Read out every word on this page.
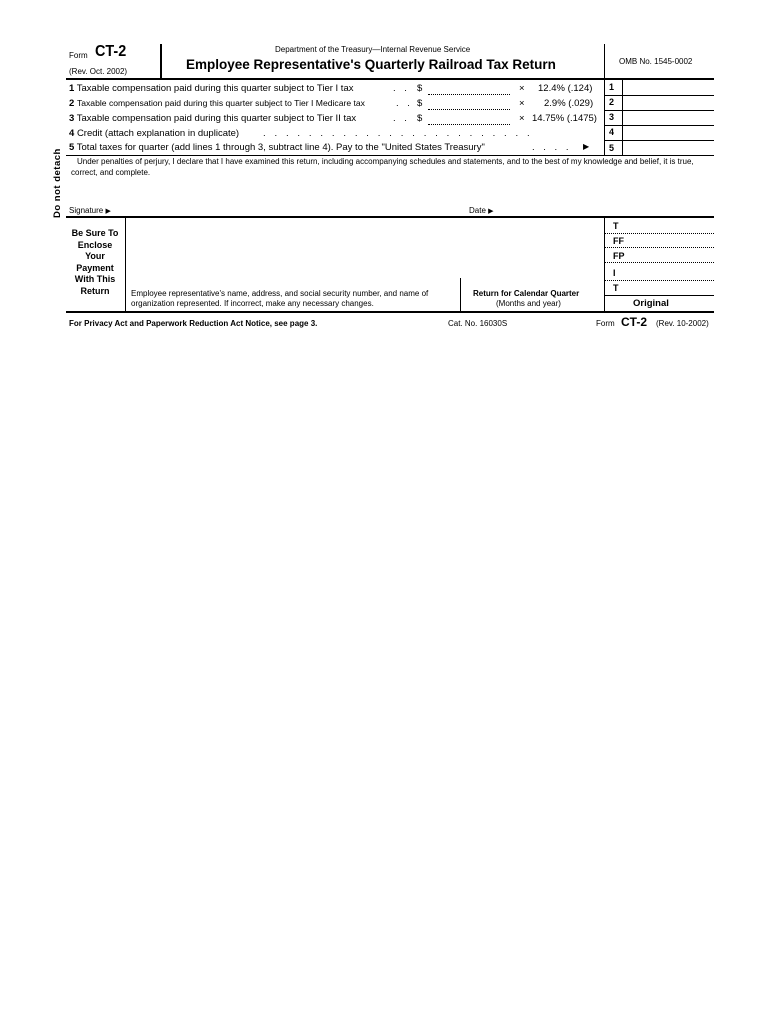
Do not detach
Form CT-2
(Rev. Oct. 2002)
Department of the Treasury—Internal Revenue Service
Employee Representative's Quarterly Railroad Tax Return	OMB No. 1545-0002
1 Taxable compensation paid during this quarter subject to Tier I tax	. . $	× 12.4% (.124) 1
2 Taxable compensation paid during this quarter subject to Tier I Medicare tax	. . $	× 2.9% (.029) 2
3 Taxable compensation paid during this quarter subject to Tier II tax	. . $	× 14.75% (.1475) 3
4 Credit (attach explanation in duplicate)	. . . . . . . . . . . . . . . . . . . . . . . .	4
5 Total taxes for quarter (add lines 1 through 3, subtract line 4). Pay to the "United States Treasury"	. . . . ▶ 5
Under penalties of perjury, I declare that I have examined this return, including accompanying schedules and statements, and to the best of my knowledge and belief, it is true, correct, and complete.
Signature ▶	Date ▶
Be Sure To
Enclose
Your
Payment
With This
Return	Employee representative's name, address, and social security number, and name of organization represented. If incorrect, make any necessary changes.
Return for Calendar Quarter
(Months and year)
T
FF
FP
I
T
Original
For Privacy Act and Paperwork Reduction Act Notice, see page 3.	Cat. No. 16030S	Form CT-2 (Rev. 10-2002)
